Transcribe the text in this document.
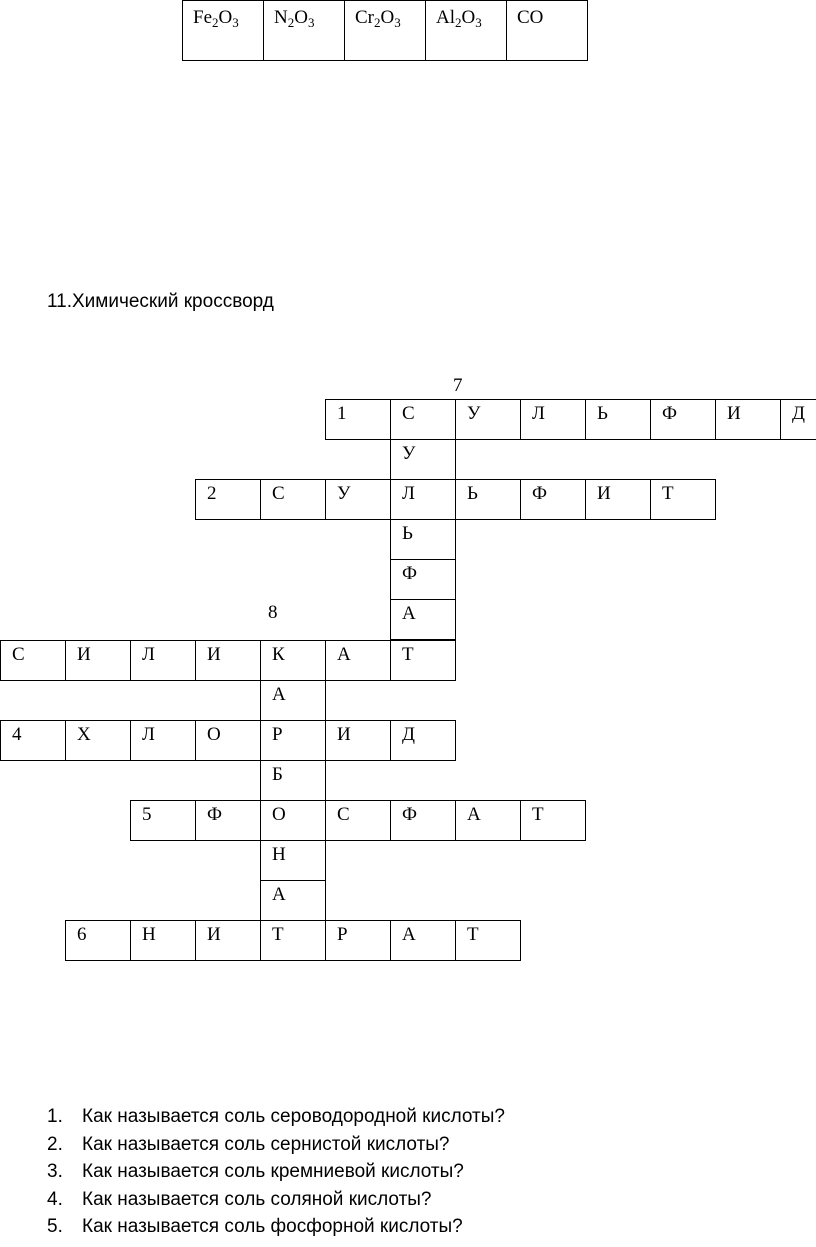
$Fe_2O_3$	$N_2O_3$	$Cr_2O_3$	$Al_2O_3$	CO
11.Химический кроссворд
7
8
1	С	У	Л	Ь	Ф	И	Д
У
2	С	У	Л	Ь	Ф	И	Т
Ь
Ф
А
С	И	Л	И	К	А	Т
А
4	Х	Л	О	Р	И	Д
Б
5	Ф	О	С	Ф	А	Т
Н
А
6	Н	И	Т	Р	А	Т
1. Как называется соль сероводородной кислоты?
2. Как называется соль сернистой кислоты?
3. Как называется соль кремниевой кислоты?
4. Как называется соль соляной кислоты?
5. Как называется соль фосфорной кислоты?
